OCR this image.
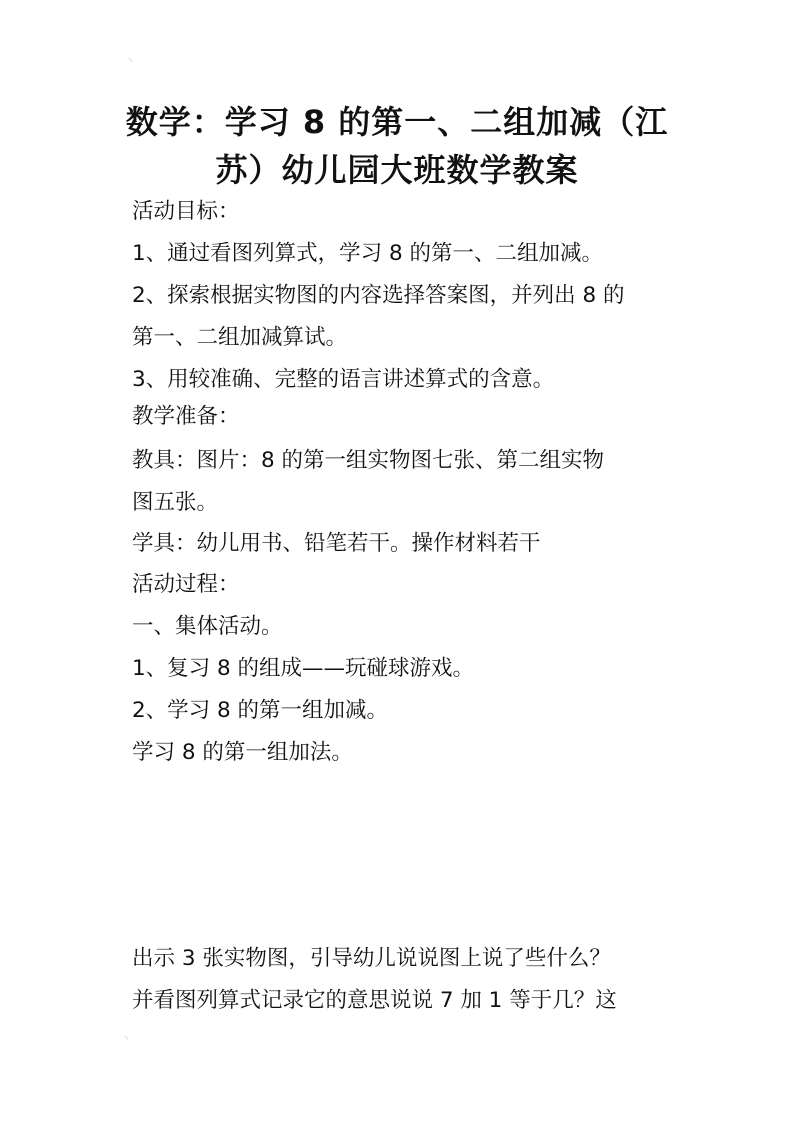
⸌
⸌
数学：学习 8 的第一、二组加减（江
苏）幼儿园大班数学教案
活动目标：
1、通过看图列算式，学习 8 的第一、二组加减。
2、探索根据实物图的内容选择答案图，并列出 8 的
第一、二组加减算试。
3、用较准确、完整的语言讲述算式的含意。
教学准备：
教具：图片：8 的第一组实物图七张、第二组实物
图五张。
学具：幼儿用书、铅笔若干。操作材料若干
活动过程：
一、集体活动。
1、复习 8 的组成——玩碰球游戏。
2、学习 8 的第一组加减。
学习 8 的第一组加法。
出示 3 张实物图，引导幼儿说说图上说了些什么？
并看图列算式记录它的意思说说 7 加 1 等于几？这
